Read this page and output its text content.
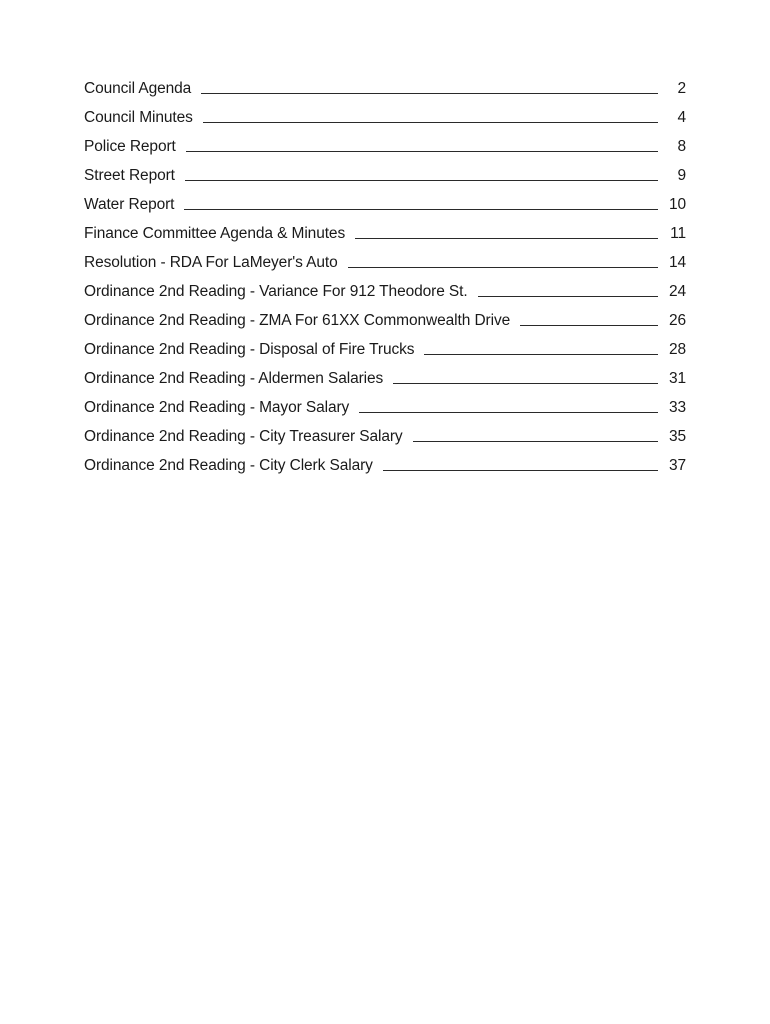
Council Agenda	2
Council Minutes	4
Police Report	8
Street Report	9
Water Report	10
Finance Committee Agenda & Minutes	11
Resolution - RDA For LaMeyer's Auto	14
Ordinance 2nd Reading - Variance For 912 Theodore St.	24
Ordinance 2nd Reading - ZMA For 61XX Commonwealth Drive	26
Ordinance 2nd Reading - Disposal of Fire Trucks	28
Ordinance 2nd Reading - Aldermen Salaries	31
Ordinance 2nd Reading - Mayor Salary	33
Ordinance 2nd Reading - City Treasurer Salary	35
Ordinance 2nd Reading - City Clerk Salary	37
